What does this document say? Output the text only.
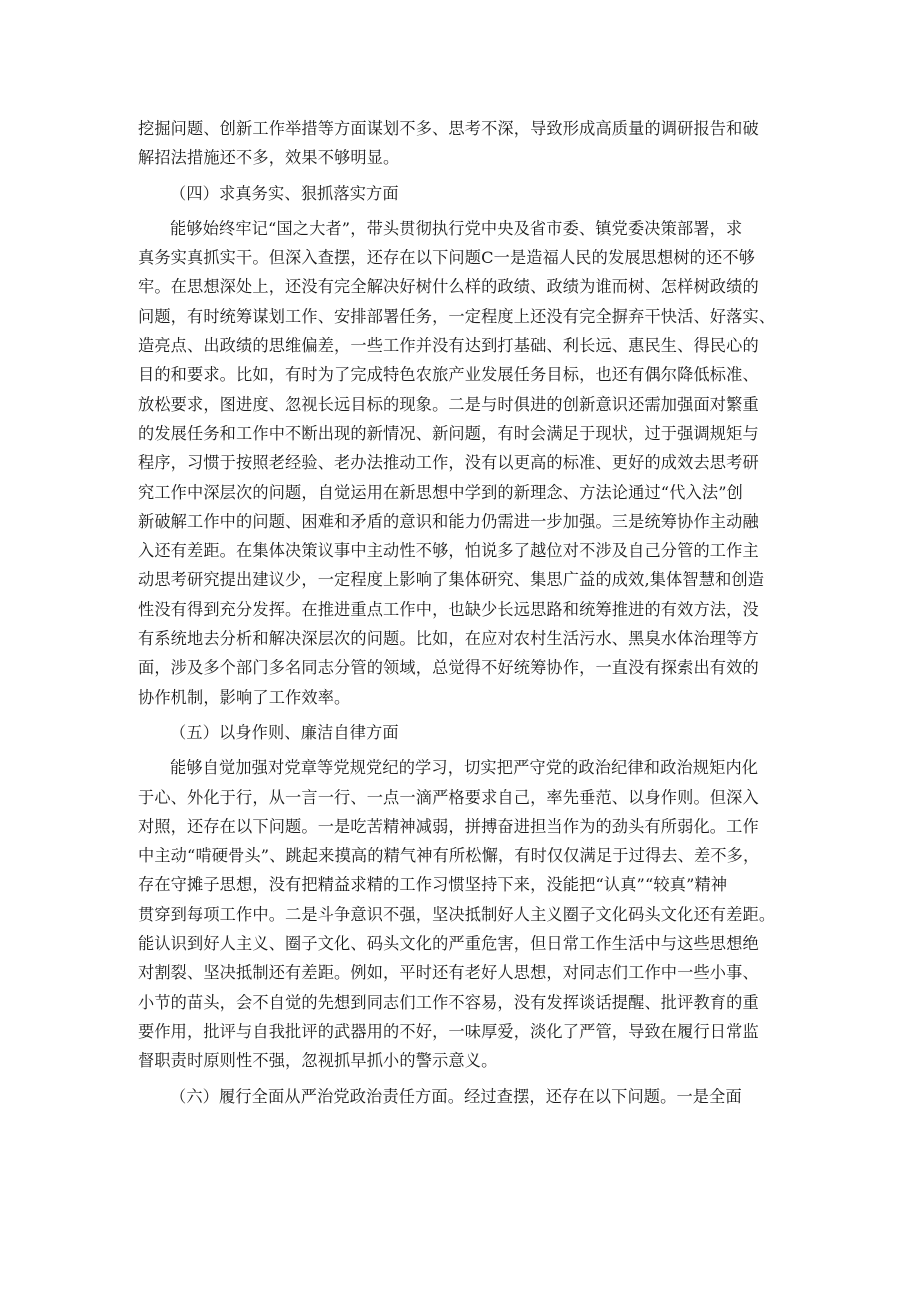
挖掘问题、创新工作举措等方面谋划不多、思考不深，导致形成高质量的调研报告和破
解招法措施还不多，效果不够明显。
（四）求真务实、狠抓落实方面
能够始终牢记“国之大者”，带头贯彻执行党中央及省市委、镇党委决策部署，求
真务实真抓实干。但深入查摆，还存在以下问题C一是造福人民的发展思想树的还不够
牢。在思想深处上，还没有完全解决好树什么样的政绩、政绩为谁而树、怎样树政绩的
问题，有时统筹谋划工作、安排部署任务，一定程度上还没有完全摒弃干快活、好落实、
造亮点、出政绩的思维偏差，一些工作并没有达到打基础、利长远、惠民生、得民心的
目的和要求。比如，有时为了完成特色农旅产业发展任务目标，也还有偶尔降低标准、
放松要求，图进度、忽视长远目标的现象。二是与时俱进的创新意识还需加强面对繁重
的发展任务和工作中不断出现的新情况、新问题，有时会满足于现状，过于强调规矩与
程序，习惯于按照老经验、老办法推动工作，没有以更高的标准、更好的成效去思考研
究工作中深层次的问题，自觉运用在新思想中学到的新理念、方法论通过“代入法”创
新破解工作中的问题、困难和矛盾的意识和能力仍需进一步加强。三是统筹协作主动融
入还有差距。在集体决策议事中主动性不够，怕说多了越位对不涉及自己分管的工作主
动思考研究提出建议少，一定程度上影响了集体研究、集思广益的成效,集体智慧和创造
性没有得到充分发挥。在推进重点工作中，也缺少长远思路和统筹推进的有效方法，没
有系统地去分析和解决深层次的问题。比如，在应对农村生活污水、黑臭水体治理等方
面，涉及多个部门多名同志分管的领域，总觉得不好统筹协作，一直没有探索出有效的
协作机制，影响了工作效率。
（五）以身作则、廉洁自律方面
能够自觉加强对党章等党规党纪的学习，切实把严守党的政治纪律和政治规矩内化
于心、外化于行，从一言一行、一点一滴严格要求自己，率先垂范、以身作则。但深入
对照，还存在以下问题。一是吃苦精神减弱，拼搏奋进担当作为的劲头有所弱化。工作
中主动“啃硬骨头”、跳起来摸高的精气神有所松懈，有时仅仅满足于过得去、差不多，
存在守摊子思想，没有把精益求精的工作习惯坚持下来，没能把“认真”“较真”精神
贯穿到每项工作中。二是斗争意识不强，坚决抵制好人主义圈子文化码头文化还有差距。
能认识到好人主义、圈子文化、码头文化的严重危害，但日常工作生活中与这些思想绝
对割裂、坚决抵制还有差距。例如，平时还有老好人思想，对同志们工作中一些小事、
小节的苗头，会不自觉的先想到同志们工作不容易，没有发挥谈话提醒、批评教育的重
要作用，批评与自我批评的武器用的不好，一味厚爱，淡化了严管，导致在履行日常监
督职责时原则性不强，忽视抓早抓小的警示意义。
（六）履行全面从严治党政治责任方面。经过查摆，还存在以下问题。一是全面
